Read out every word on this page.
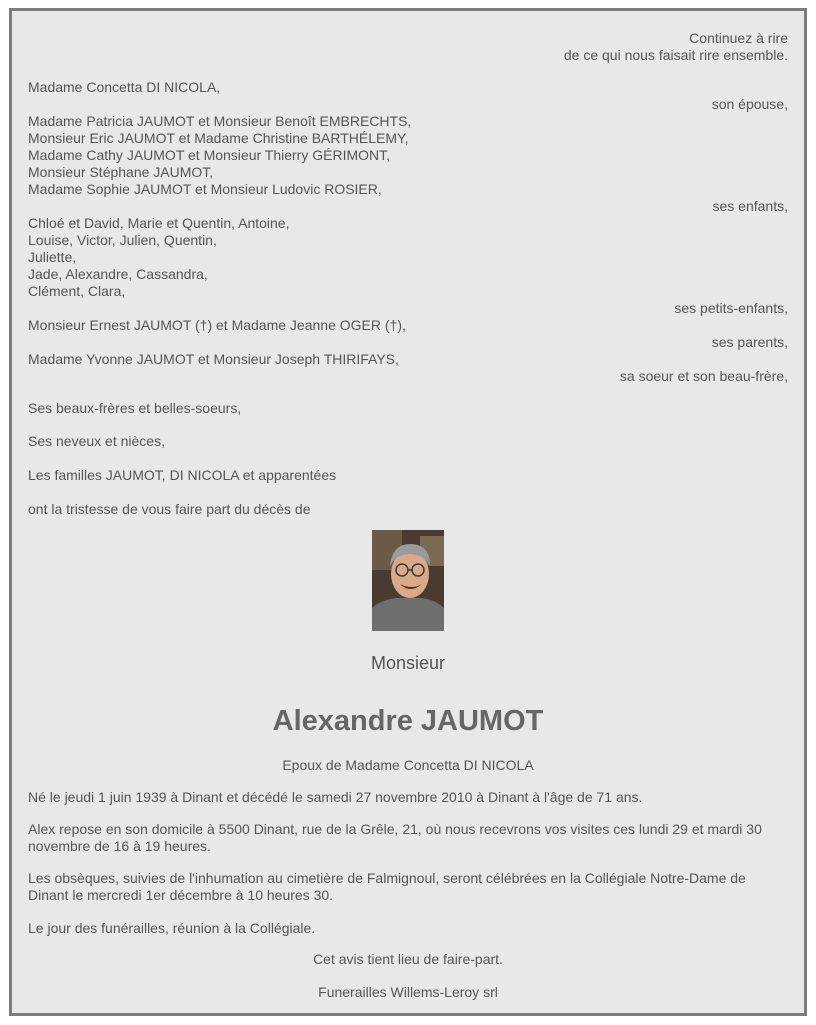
Continuez à rire
de ce qui nous faisait rire ensemble.
Madame Concetta DI NICOLA,
son épouse,
Madame Patricia JAUMOT et Monsieur Benoît EMBRECHTS,
Monsieur Eric JAUMOT et Madame Christine BARTHÉLEMY,
Madame Cathy JAUMOT et Monsieur Thierry GÉRIMONT,
Monsieur Stéphane JAUMOT,
Madame Sophie JAUMOT et Monsieur Ludovic ROSIER,
ses enfants,
Chloé et David, Marie et Quentin, Antoine,
Louise, Victor, Julien, Quentin,
Juliette,
Jade, Alexandre, Cassandra,
Clément, Clara,
ses petits-enfants,
Monsieur Ernest JAUMOT (†) et Madame Jeanne OGER (†),
ses parents,
Madame Yvonne JAUMOT et Monsieur Joseph THIRIFAYS,
sa soeur et son beau-frère,
Ses beaux-frères et belles-soeurs,
Ses neveux et nièces,
Les familles JAUMOT, DI NICOLA et apparentées
ont la tristesse de vous faire part du décès de
Monsieur
Alexandre JAUMOT
Epoux de Madame Concetta DI NICOLA
Né le jeudi 1 juin 1939 à Dinant et décédé le samedi 27 novembre 2010 à Dinant à l'âge de 71 ans.
Alex repose en son domicile à 5500 Dinant, rue de la Grêle, 21, où nous recevrons vos visites ces lundi 29 et mardi 30 novembre de 16 à 19 heures.
Les obsèques, suivies de l'inhumation au cimetière de Falmignoul, seront célébrées en la Collégiale Notre-Dame de Dinant le mercredi 1er décembre à 10 heures 30.
Le jour des funérailles, réunion à la Collégiale.
Cet avis tient lieu de faire-part.
Funerailles Willems-Leroy srl
